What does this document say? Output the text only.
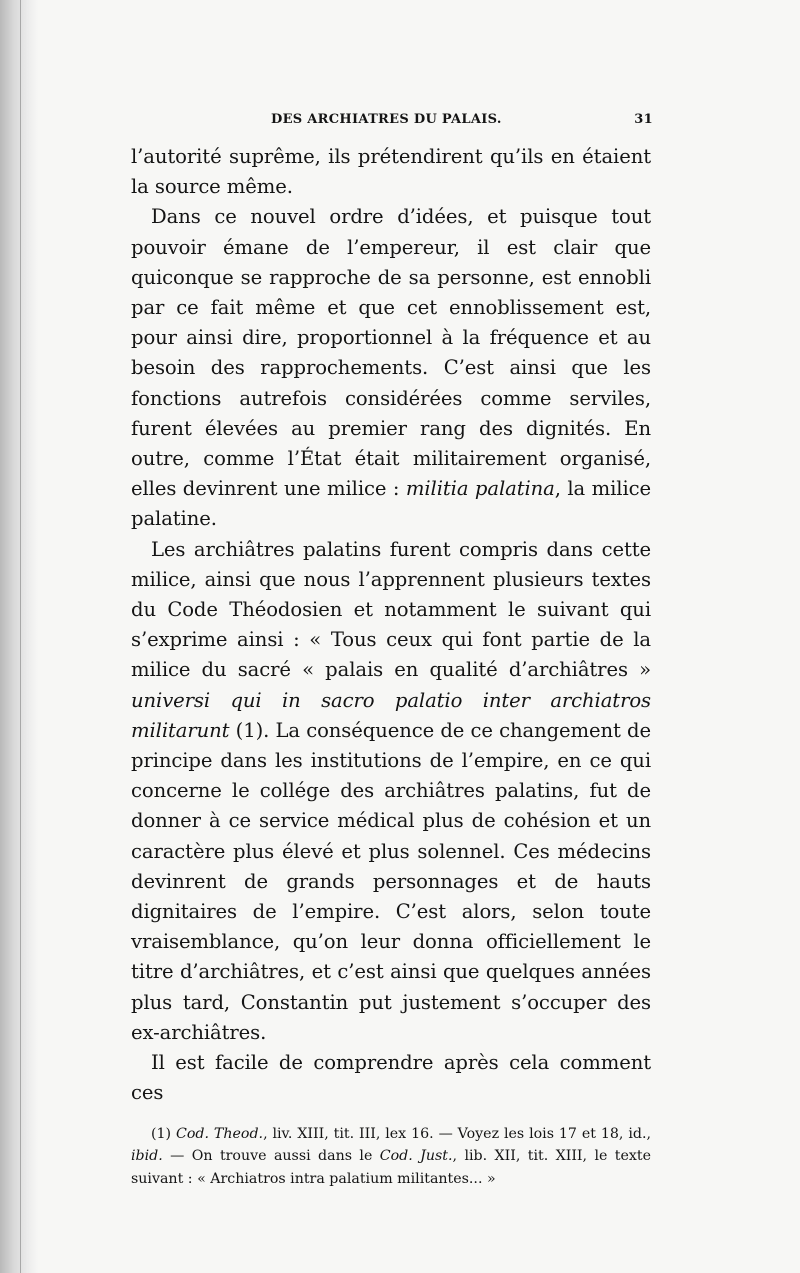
DES ARCHIATRES DU PALAIS.	31

l’autorité suprême, ils prétendirent qu’ils en étaient la source même.

Dans ce nouvel ordre d’idées, et puisque tout pouvoir émane de l’empereur, il est clair que quiconque se rapproche de sa personne, est ennobli par ce fait même et que cet ennoblissement est, pour ainsi dire, proportionnel à la fréquence et au besoin des rapprochements. C’est ainsi que les fonctions autrefois considérées comme serviles, furent élevées au premier rang des dignités. En outre, comme l’État était militairement organisé, elles devinrent une milice : militia palatina, la milice palatine.

Les archiâtres palatins furent compris dans cette milice, ainsi que nous l’apprennent plusieurs textes du Code Théodosien et notamment le suivant qui s’exprime ainsi : « Tous ceux qui font partie de la milice du sacré « palais en qualité d’archiâtres » universi qui in sacro palatio inter archiatros militarunt (1). La conséquence de ce changement de principe dans les institutions de l’empire, en ce qui concerne le collége des archiâtres palatins, fut de donner à ce service médical plus de cohésion et un caractère plus élevé et plus solennel. Ces médecins devinrent de grands personnages et de hauts dignitaires de l’empire. C’est alors, selon toute vraisemblance, qu’on leur donna officiellement le titre d’archiâtres, et c’est ainsi que quelques années plus tard, Constantin put justement s’occuper des ex-archiâtres.

Il est facile de comprendre après cela comment ces

(1) Cod. Theod., liv. XIII, tit. III, lex 16. — Voyez les lois 17 et 18, id., ibid. — On trouve aussi dans le Cod. Just., lib. XII, tit. XIII, le texte suivant : « Archiatros intra palatium militantes... »
